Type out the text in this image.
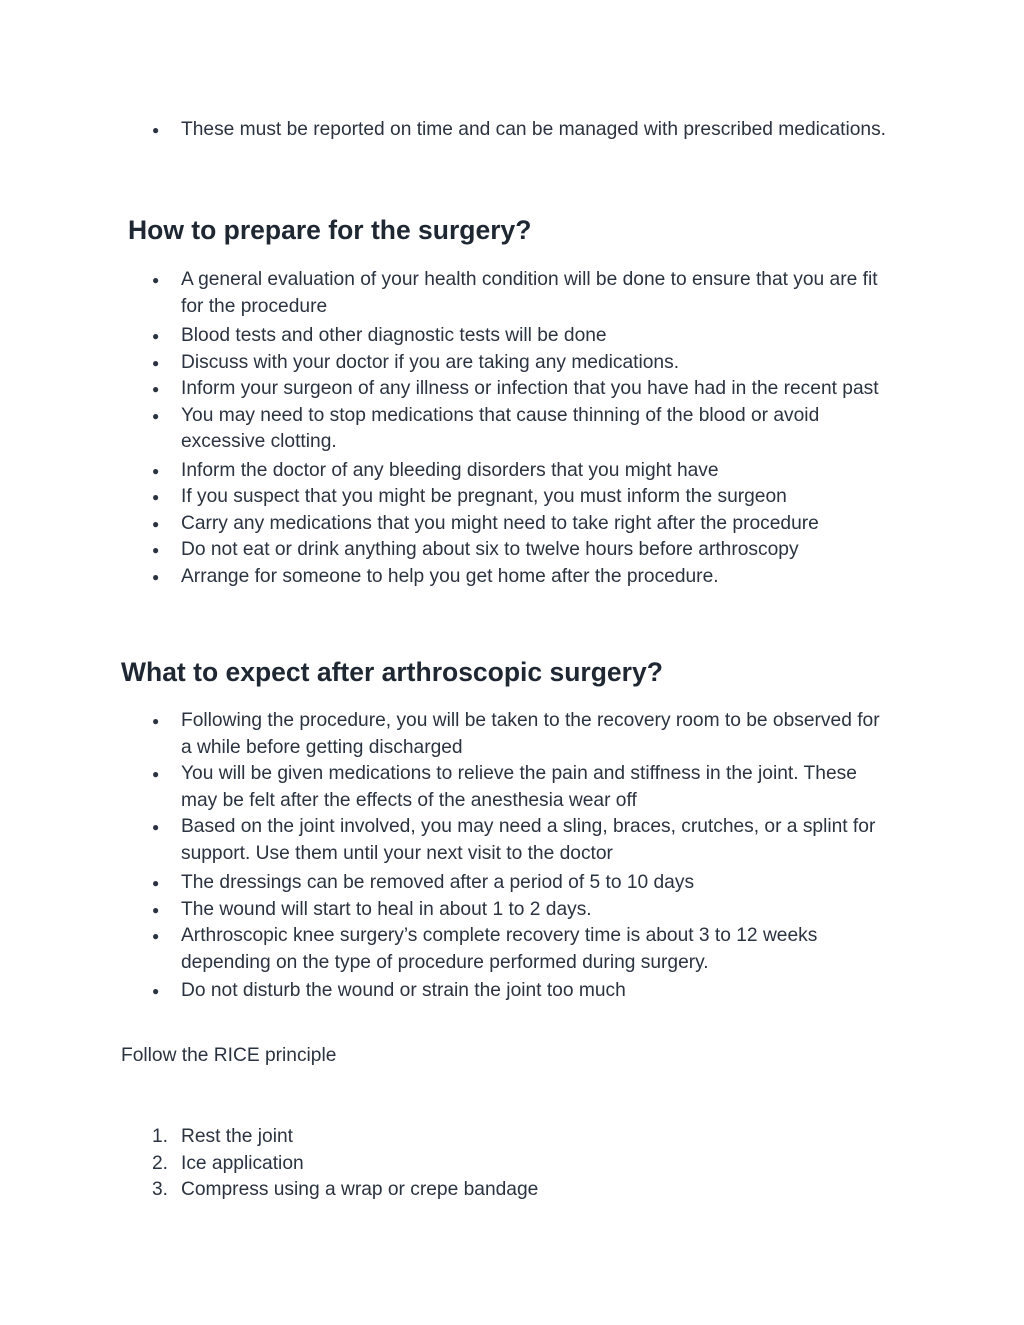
●	These must be reported on time and can be managed with prescribed medications.
How to prepare for the surgery?
●	A general evaluation of your health condition will be done to ensure that you are fit for the procedure
●	Blood tests and other diagnostic tests will be done
●	Discuss with your doctor if you are taking any medications.
●	Inform your surgeon of any illness or infection that you have had in the recent past
●	You may need to stop medications that cause thinning of the blood or avoid excessive clotting.
●	Inform the doctor of any bleeding disorders that you might have
●	If you suspect that you might be pregnant, you must inform the surgeon
●	Carry any medications that you might need to take right after the procedure
●	Do not eat or drink anything about six to twelve hours before arthroscopy
●	Arrange for someone to help you get home after the procedure.
What to expect after arthroscopic surgery?
●	Following the procedure, you will be taken to the recovery room to be observed for a while before getting discharged
●	You will be given medications to relieve the pain and stiffness in the joint. These may be felt after the effects of the anesthesia wear off
●	Based on the joint involved, you may need a sling, braces, crutches, or a splint for support. Use them until your next visit to the doctor
●	The dressings can be removed after a period of 5 to 10 days
●	The wound will start to heal in about 1 to 2 days.
●	Arthroscopic knee surgery’s complete recovery time is about 3 to 12 weeks depending on the type of procedure performed during surgery.
●	Do not disturb the wound or strain the joint too much

Follow the RICE principle

1. Rest the joint
2. Ice application
3. Compress using a wrap or crepe bandage
